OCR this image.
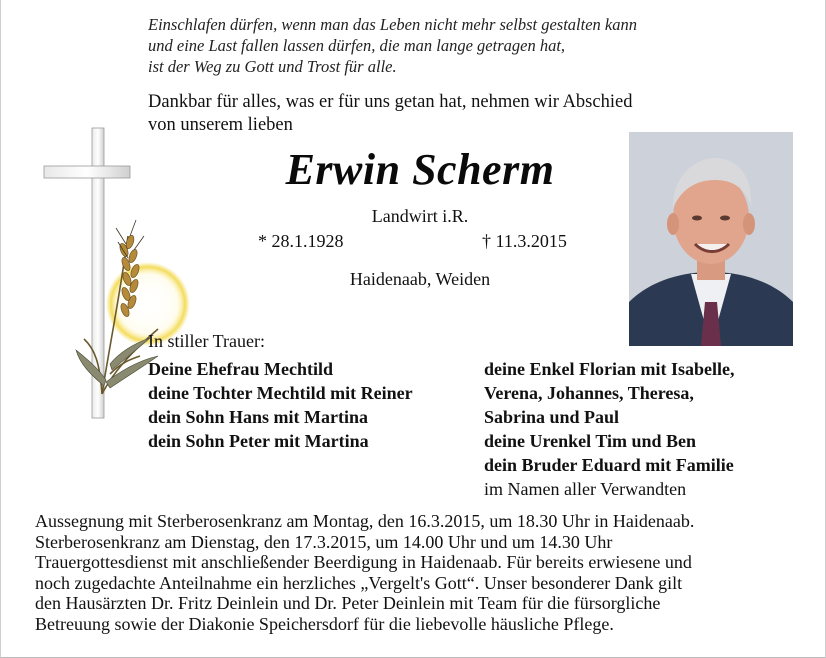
Einschlafen dürfen, wenn man das Leben nicht mehr selbst gestalten kann
und eine Last fallen lassen dürfen, die man lange getragen hat,
ist der Weg zu Gott und Trost für alle.
Dankbar für alles, was er für uns getan hat, nehmen wir Abschied
von unserem lieben
Erwin Scherm
Landwirt i.R.
* 28.1.1928	† 11.3.2015
Haidenaab, Weiden
In stiller Trauer:
Deine Ehefrau Mechtild
deine Tochter Mechtild mit Reiner
dein Sohn Hans mit Martina
dein Sohn Peter mit Martina
deine Enkel Florian mit Isabelle,
Verena, Johannes, Theresa,
Sabrina und Paul
deine Urenkel Tim und Ben
dein Bruder Eduard mit Familie
im Namen aller Verwandten
Aussegnung mit Sterberosenkranz am Montag, den 16.3.2015, um 18.30 Uhr in Haidenaab.
Sterberosenkranz am Dienstag, den 17.3.2015, um 14.00 Uhr und um 14.30 Uhr
Trauergottesdienst mit anschließender Beerdigung in Haidenaab. Für bereits erwiesene und
noch zugedachte Anteilnahme ein herzliches „Vergelt's Gott“. Unser besonderer Dank gilt
den Hausärzten Dr. Fritz Deinlein und Dr. Peter Deinlein mit Team für die fürsorgliche
Betreuung sowie der Diakonie Speichersdorf für die liebevolle häusliche Pflege.
